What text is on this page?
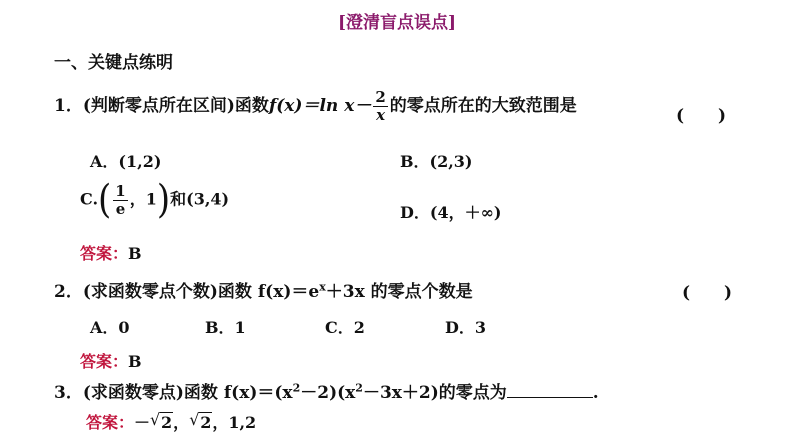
[澄清盲点误点]
一、关键点练明
1．(判断零点所在区间)函数f(x)＝ln $x- \frac{2}{x}$ 的零点所在的大致范围是	(　　)
A．(1,2)	B．(2,3)
$C.( \frac{1}{e}$ ，1)和(3,4)
D．(4，＋∞)
答案：B
2．(求函数零点个数)函数 $f(x)=e^x+3x$ 的零点个数是	(　　)
A．0	B．1	C．2	D．3
答案：B
3．(求函数零点)函数 $f(x)=(x^2-2)(x^2-3x+2)$的零点为	.
答案：－ √ 2， √ 2，1,2
